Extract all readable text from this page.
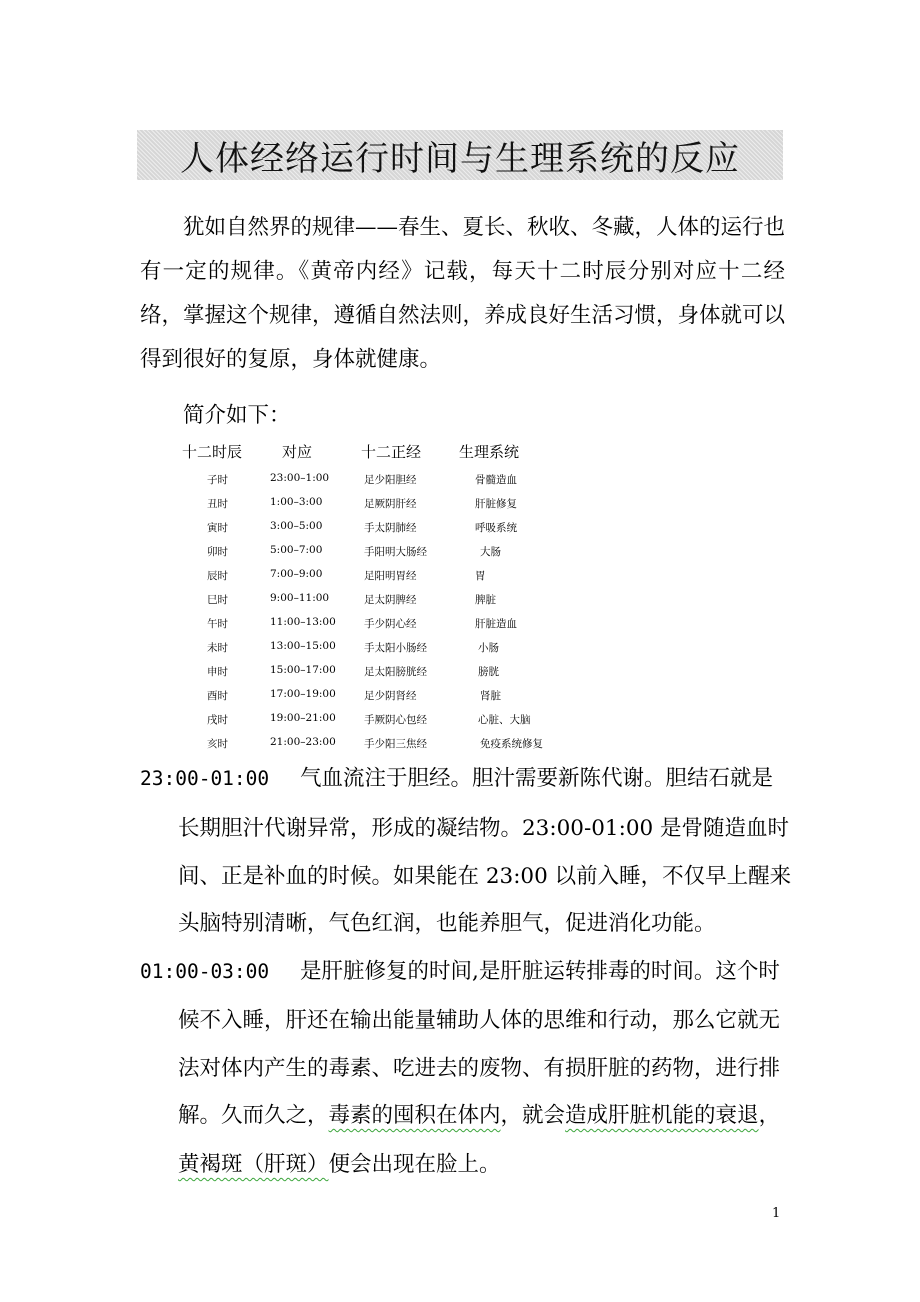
人体经络运行时间与生理系统的反应

犹如自然界的规律——春生、夏长、秋收、冬藏，人体的运行也有一定的规律。《黄帝内经》记载，每天十二时辰分别对应十二经络，掌握这个规律，遵循自然法则，养成良好生活习惯，身体就可以得到很好的复原，身体就健康。

简介如下：

十二时辰	对应	十二正经	生理系统
子时	23:00–1:00	足少阳胆经	骨髓造血
丑时	1:00–3:00	足厥阴肝经	肝脏修复
寅时	3:00–5:00	手太阴肺经	呼吸系统
卯时	5:00–7:00	手阳明大肠经	大肠
辰时	7:00–9:00	足阳明胃经	胃
巳时	9:00–11:00	足太阴脾经	脾脏
午时	11:00–13:00	手少阴心经	肝脏造血
未时	13:00–15:00	手太阳小肠经	小肠
申时	15:00–17:00	足太阳膀胱经	膀胱
酉时	17:00–19:00	足少阴肾经	肾脏
戌时	19:00–21:00	手厥阴心包经	心脏、大脑
亥时	21:00–23:00	手少阳三焦经	免疫系统修复
23:00-01:00 气血流注于胆经。胆汁需要新陈代谢。胆结石就是
长期胆汁代谢异常，形成的凝结物。23:00-01:00 是骨随造血时
间、正是补血的时候。如果能在 23:00 以前入睡，不仅早上醒来
头脑特别清晰，气色红润，也能养胆气，促进消化功能。
01:00-03:00 是肝脏修复的时间,是肝脏运转排毒的时间。这个时
候不入睡，肝还在输出能量辅助人体的思维和行动，那么它就无
法对体内产生的毒素、吃进去的废物、有损肝脏的药物，进行排
解。久而久之，毒素的囤积在体内，就会造成肝脏机能的衰退，
黄褐斑（肝斑）便会出现在脸上。
1
